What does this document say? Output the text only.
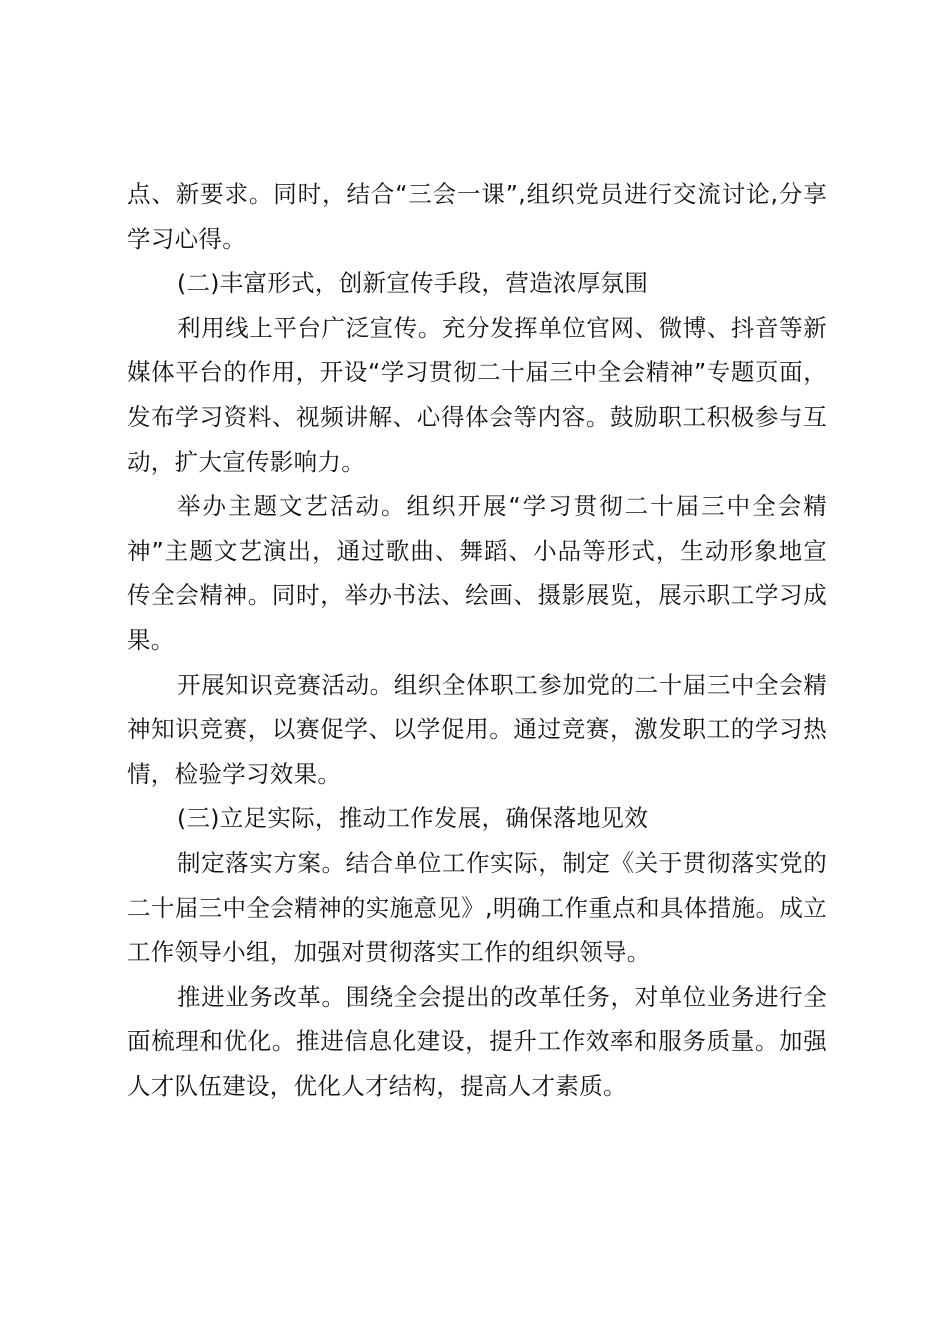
点、新要求。同时，结合“三会一课”,组织党员进行交流讨论,分享学习心得。

(二)丰富形式，创新宣传手段，营造浓厚氛围

利用线上平台广泛宣传。充分发挥单位官网、微博、抖音等新媒体平台的作用，开设“学习贯彻二十届三中全会精神”专题页面，发布学习资料、视频讲解、心得体会等内容。鼓励职工积极参与互动，扩大宣传影响力。

举办主题文艺活动。组织开展“学习贯彻二十届三中全会精神”主题文艺演出，通过歌曲、舞蹈、小品等形式，生动形象地宣传全会精神。同时，举办书法、绘画、摄影展览，展示职工学习成果。

开展知识竞赛活动。组织全体职工参加党的二十届三中全会精神知识竞赛，以赛促学、以学促用。通过竞赛，激发职工的学习热情，检验学习效果。

(三)立足实际，推动工作发展，确保落地见效

制定落实方案。结合单位工作实际，制定《关于贯彻落实党的二十届三中全会精神的实施意见》,明确工作重点和具体措施。成立工作领导小组，加强对贯彻落实工作的组织领导。

推进业务改革。围绕全会提出的改革任务，对单位业务进行全面梳理和优化。推进信息化建设，提升工作效率和服务质量。加强人才队伍建设，优化人才结构，提高人才素质。
